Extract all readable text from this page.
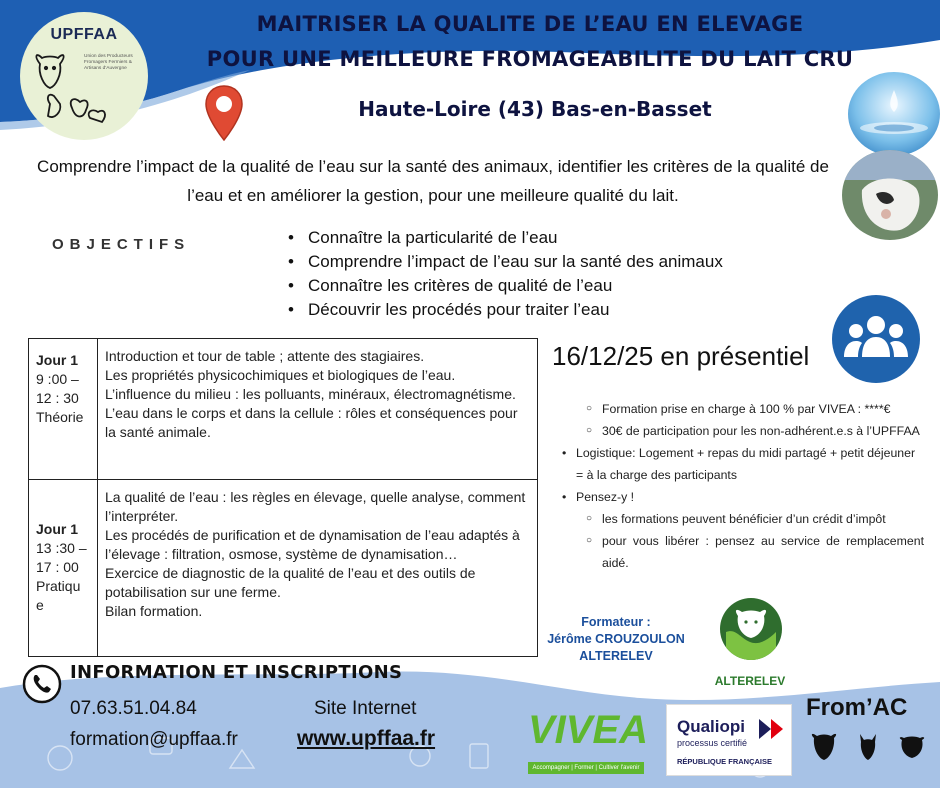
UPFFAA
Union des Producteurs Fromagers Fermiers & Artisans d'Auvergne
MAITRISER LA QUALITE DE L’EAU EN ELEVAGE
POUR UNE MEILLEURE FROMAGEABILITE DU LAIT CRU
Haute-Loire (43) Bas-en-Basset

Comprendre l’impact de la qualité de l’eau sur la santé des animaux, identifier les critères de la qualité de l’eau et en améliorer la gestion, pour une meilleure qualité du lait.

OBJECTIFS
•	Connaître la particularité de l’eau
• Comprendre l’impact de l’eau sur la santé des animaux
• Connaître les critères de qualité de l’eau
• Découvrir les procédés pour traiter l’eau
Jour 1
9 :00 –
12 : 30
Théorie

Introduction et tour de table ; attente des stagiaires.
Les propriétés physicochimiques et biologiques de l’eau.
L’influence du milieu : les polluants, minéraux, électromagnétisme.
L’eau dans le corps et dans la cellule : rôles et conséquences pour la santé animale.

Jour 1
13 :30 –
17 : 00
Pratiqu
e

La qualité de l’eau : les règles en élevage, quelle analyse, comment l’interpréter.
Les procédés de purification et de dynamisation de l’eau adaptés à l’élevage : filtration, osmose, système de dynamisation…
Exercice de diagnostic de la qualité de l’eau et des outils de potabilisation sur une ferme.
Bilan formation.
16/12/25 en présentiel
○ Formation prise en charge à 100 % par VIVEA : ****€
○ 30€ de participation pour les non-adhérent.e.s à l’UPFFAA
• Logistique: Logement + repas du midi partagé + petit déjeuner = à la charge des participants
• Pensez-y !
○ les formations peuvent bénéficier d’un crédit d’impôt
○ pour vous libérer : pensez au service de remplacement aidé.
Formateur :
Jérôme CROUZOULON
ALTERELEV
ALTERELEV
INFORMATION ET INSCRIPTIONS
07.63.51.04.84
formation@upffaa.fr
Site Internet
www.upffaa.fr VIVEA
Accompagner | Former | Cultiver l'avenir
Qualiopi
processus certifié
RÉPUBLIQUE FRANÇAISE
From’AC
